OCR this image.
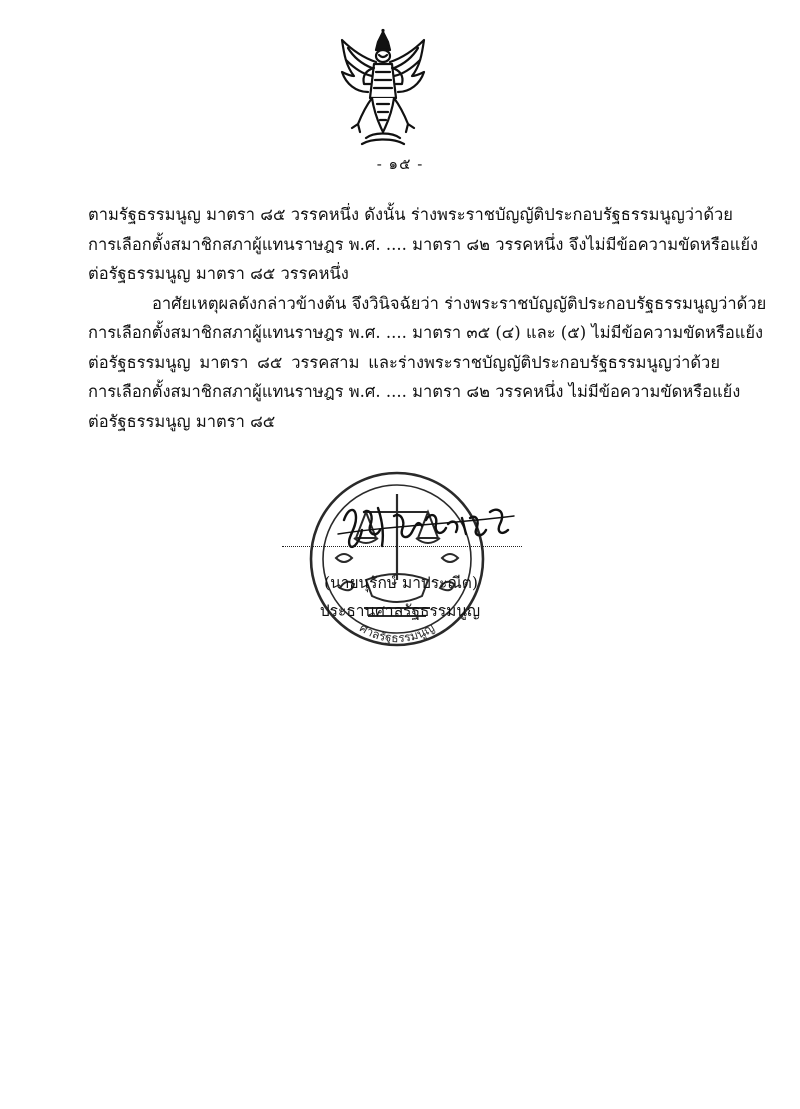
- ๑๕ -

ตามรัฐธรรมนูญ มาตรา ๘๕ วรรคหนึ่ง ดังนั้น ร่างพระราชบัญญัติประกอบรัฐธรรมนูญว่าด้วย
การเลือกตั้งสมาชิกสภาผู้แทนราษฎร พ.ศ. .... มาตรา ๘๒ วรรคหนึ่ง จึงไม่มีข้อความขัดหรือแย้ง
ต่อรัฐธรรมนูญ มาตรา ๘๕ วรรคหนึ่ง

อาศัยเหตุผลดังกล่าวข้างต้น จึงวินิจฉัยว่า ร่างพระราชบัญญัติประกอบรัฐธรรมนูญว่าด้วย
การเลือกตั้งสมาชิกสภาผู้แทนราษฎร พ.ศ. .... มาตรา ๓๕ (๔) และ (๕) ไม่มีข้อความขัดหรือแย้ง
ต่อรัฐธรรมนูญ มาตรา ๘๕ วรรคสาม และร่างพระราชบัญญัติประกอบรัฐธรรมนูญว่าด้วย
การเลือกตั้งสมาชิกสภาผู้แทนราษฎร พ.ศ. .... มาตรา ๘๒ วรรคหนึ่ง ไม่มีข้อความขัดหรือแย้ง
ต่อรัฐธรรมนูญ มาตรา ๘๕

ศาลรัฐธรรมนูญ
(นายนุรักษ์ มาประณีต)
ประธานศาลรัฐธรรมนูญ
